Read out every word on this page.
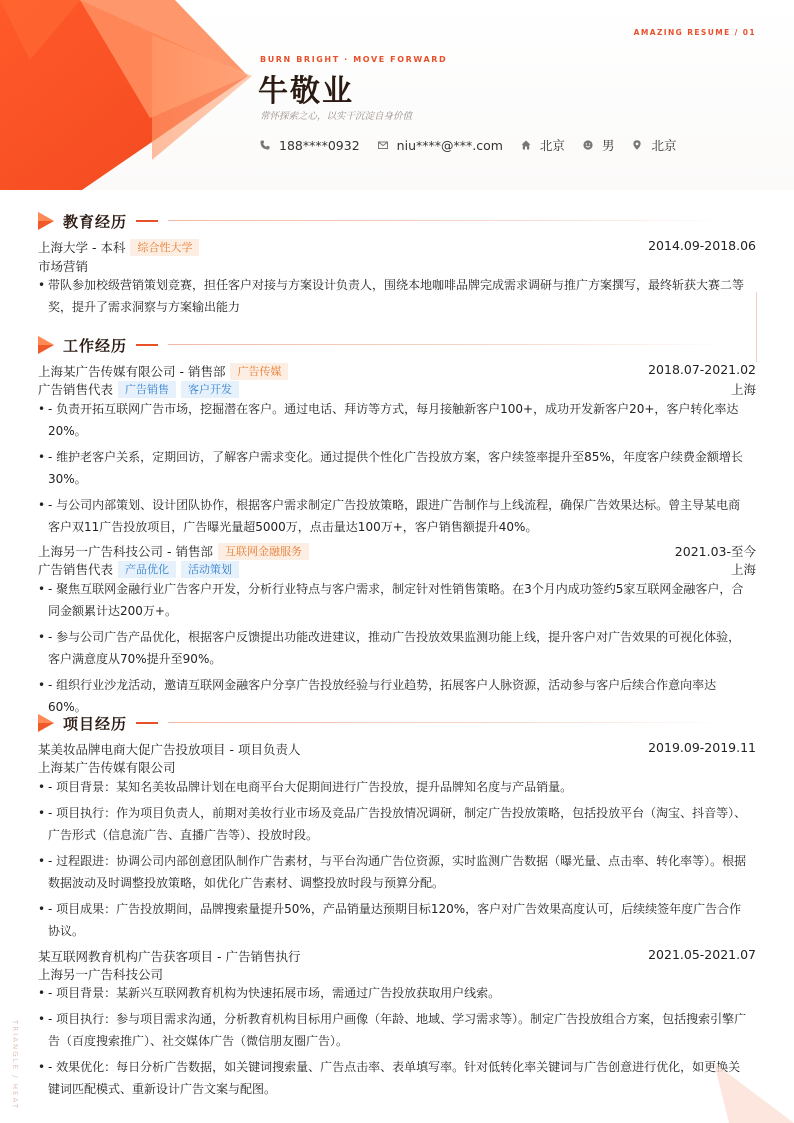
AMAZING RESUME / 01
BURN BRIGHT · MOVE FORWARD
牛敬业
常怀探索之心，以实干沉淀自身价值
188****0932	niu****@***.com	北京	男	北京
教育经历
上海大学 - 本科	综合性大学	2014.09-2018.06
市场营销
• 带队参加校级营销策划竞赛，担任客户对接与方案设计负责人，围绕本地咖啡品牌完成需求调研与推广方案撰写，最终斩获大赛二等奖，提升了需求洞察与方案输出能力
工作经历
上海某广告传媒有限公司 - 销售部	广告传媒	2018.07-2021.02
广告销售代表	广告销售	客户开发	上海
• - 负责开拓互联网广告市场，挖掘潜在客户。通过电话、拜访等方式，每月接触新客户100+，成功开发新客户20+，客户转化率达20%。
• - 维护老客户关系，定期回访，了解客户需求变化。通过提供个性化广告投放方案，客户续签率提升至85%，年度客户续费金额增长30%。
• - 与公司内部策划、设计团队协作，根据客户需求制定广告投放策略，跟进广告制作与上线流程，确保广告效果达标。曾主导某电商客户双11广告投放项目，广告曝光量超5000万，点击量达100万+，客户销售额提升40%。
上海另一广告科技公司 - 销售部	互联网金融服务	2021.03-至今
广告销售代表	产品优化	活动策划	上海
• - 聚焦互联网金融行业广告客户开发，分析行业特点与客户需求，制定针对性销售策略。在3个月内成功签约5家互联网金融客户，合同金额累计达200万+。
• - 参与公司广告产品优化，根据客户反馈提出功能改进建议，推动广告投放效果监测功能上线，提升客户对广告效果的可视化体验，客户满意度从70%提升至90%。
• - 组织行业沙龙活动，邀请互联网金融客户分享广告投放经验与行业趋势，拓展客户人脉资源，活动参与客户后续合作意向率达60%。
项目经历
某美妆品牌电商大促广告投放项目 - 项目负责人	2019.09-2019.11
上海某广告传媒有限公司
• - 项目背景：某知名美妆品牌计划在电商平台大促期间进行广告投放，提升品牌知名度与产品销量。
• - 项目执行：作为项目负责人，前期对美妆行业市场及竞品广告投放情况调研，制定广告投放策略，包括投放平台（淘宝、抖音等）、广告形式（信息流广告、直播广告等）、投放时段。
• - 过程跟进：协调公司内部创意团队制作广告素材，与平台沟通广告位资源，实时监测广告数据（曝光量、点击率、转化率等）。根据数据波动及时调整投放策略，如优化广告素材、调整投放时段与预算分配。
• - 项目成果：广告投放期间，品牌搜索量提升50%，产品销量达预期目标120%，客户对广告效果高度认可，后续续签年度广告合作协议。
某互联网教育机构广告获客项目 - 广告销售执行	2021.05-2021.07
上海另一广告科技公司
• - 项目背景：某新兴互联网教育机构为快速拓展市场，需通过广告投放获取用户线索。
• - 项目执行：参与项目需求沟通，分析教育机构目标用户画像（年龄、地域、学习需求等）。制定广告投放组合方案，包括搜索引擎广告（百度搜索推广）、社交媒体广告（微信朋友圈广告）。
• - 效果优化：每日分析广告数据，如关键词搜索量、广告点击率、表单填写率。针对低转化率关键词与广告创意进行优化，如更换关键词匹配模式、重新设计广告文案与配图。
TRIANGLE / HEAT
